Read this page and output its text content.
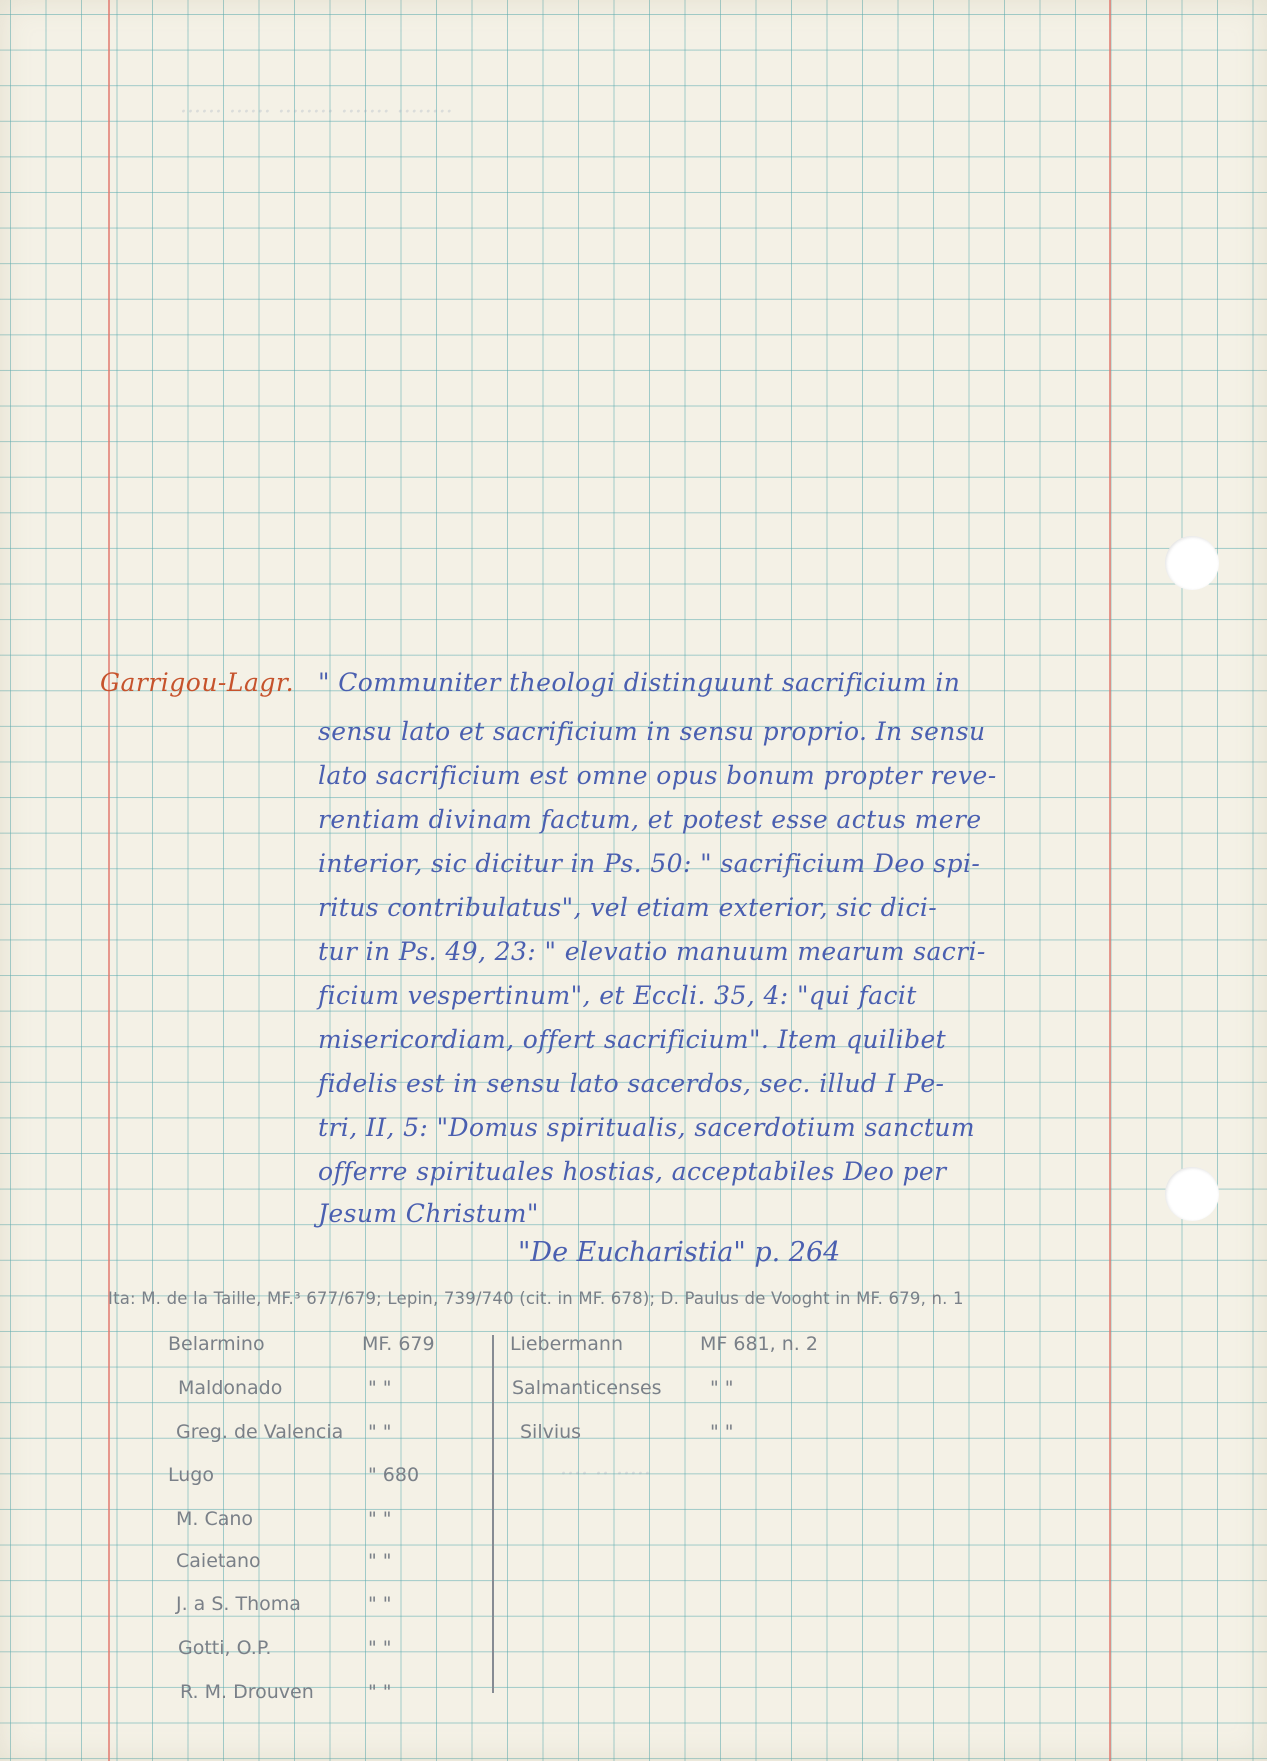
······ ······ ········ ······· ········
···· ·· ·····
Garrigou-Lagr. " Communiter theologi distinguunt sacrificium in
sensu lato et sacrificium in sensu proprio. In sensu
lato sacrificium est omne opus bonum propter reve-
rentiam divinam factum, et potest esse actus mere
interior, sic dicitur in Ps. 50: " sacrificium Deo spi-
ritus contribulatus", vel etiam exterior, sic dici-
tur in Ps. 49, 23: " elevatio manuum mearum sacri-
ficium vespertinum", et Eccli. 35, 4: "qui facit
misericordiam, offert sacrificium". Item quilibet
fidelis est in sensu lato sacerdos, sec. illud I Pe-
tri, II, 5: "Domus spiritualis, sacerdotium sanctum
offerre spirituales hostias, acceptabiles Deo per
Jesum Christum"
"De Eucharistia" p. 264
Ita: M. de la Taille, MF.³ 677/679; Lepin, 739/740 (cit. in MF. 678); D. Paulus de Vooght in MF. 679, n. 1
Belarmino	MF. 679
Maldonado	" "
Greg. de Valencia " "
Lugo	" 680
M. Cano	" "
Caietano	" "
J. a S. Thoma	" "
Gotti, O.P.	" "
R. M. Drouven	" "
Liebermann	MF 681, n. 2
Salmanticenses	" "
Silvius	" "
